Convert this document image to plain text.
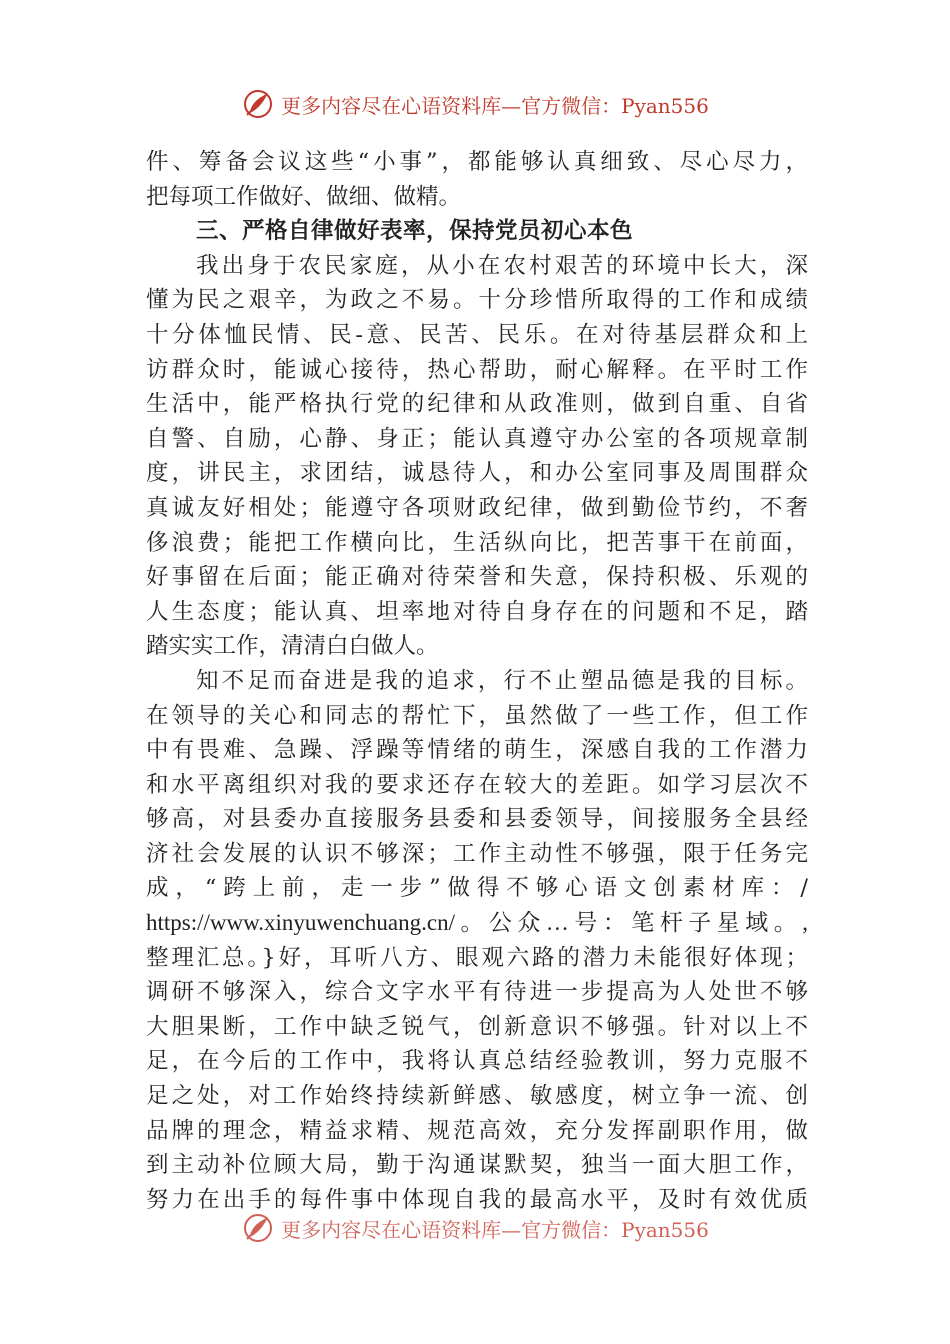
更多内容尽在心语资料库—官方微信：Pyan556
件、筹备会议这些“小事”，都能够认真细致、尽心尽力，
把每项工作做好、做细、做精。
三、严格自律做好表率，保持党员初心本色
我出身于农民家庭，从小在农村艰苦的环境中长大，深
懂为民之艰辛，为政之不易。十分珍惜所取得的工作和成绩
十分体恤民情、民-意、民苦、民乐。在对待基层群众和上
访群众时，能诚心接待，热心帮助，耐心解释。在平时工作
生活中，能严格执行党的纪律和从政准则，做到自重、自省
自警、自励，心静、身正；能认真遵守办公室的各项规章制
度，讲民主，求团结，诚恳待人，和办公室同事及周围群众
真诚友好相处；能遵守各项财政纪律，做到勤俭节约，不奢
侈浪费；能把工作横向比，生活纵向比，把苦事干在前面，
好事留在后面；能正确对待荣誉和失意，保持积极、乐观的
人生态度；能认真、坦率地对待自身存在的问题和不足，踏
踏实实工作，清清白白做人。
知不足而奋进是我的追求，行不止塑品德是我的目标。
在领导的关心和同志的帮忙下，虽然做了一些工作，但工作
中有畏难、急躁、浮躁等情绪的萌生，深感自我的工作潜力
和水平离组织对我的要求还存在较大的差距。如学习层次不
够高，对县委办直接服务县委和县委领导，间接服务全县经
济社会发展的认识不够深；工作主动性不够强，限于任务完
成，“跨上前，走一步”做得不够心语文创素材库：/
https://www.xinyuwenchuang.cn/。公众…号：笔杆子星域。,
整理汇总。}好，耳听八方、眼观六路的潜力未能很好体现；
调研不够深入，综合文字水平有待进一步提高为人处世不够
大胆果断，工作中缺乏锐气，创新意识不够强。针对以上不
足，在今后的工作中，我将认真总结经验教训，努力克服不
足之处，对工作始终持续新鲜感、敏感度，树立争一流、创
品牌的理念，精益求精、规范高效，充分发挥副职作用，做
到主动补位顾大局，勤于沟通谋默契，独当一面大胆工作，
努力在出手的每件事中体现自我的最高水平，及时有效优质
更多内容尽在心语资料库—官方微信：Pyan556
